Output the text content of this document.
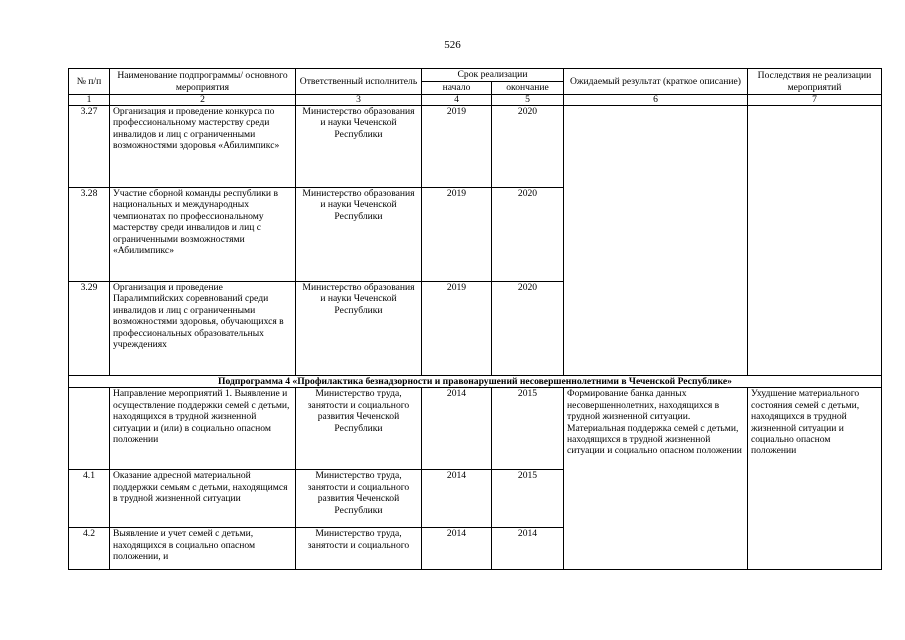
526
№ п/п	Наименование подпрограммы/ основного мероприятия	Ответственный исполнитель	Срок реализации		Ожидаемый результат (краткое описание)	Последствия не реализации мероприятий
			начало	окончание		
1	2	3	4	5	6	7
3.27	Организация и проведение конкурса по профессиональному мастерству среди инвалидов и лиц с ограниченными возможностями здоровья «Абилимпикс»	Министерство образования и науки Чеченской Республики	2019	2020		
3.28	Участие сборной команды республики в национальных и международных чемпионатах по профессиональному мастерству среди инвалидов и лиц с ограниченными возможностями «Абилимпикс»	Министерство образования и науки Чеченской Республики	2019	2020		
3.29	Организация и проведение Паралимпийских соревнований среди инвалидов и лиц с ограниченными возможностями здоровья, обучающихся в профессиональных образовательных учреждениях	Министерство образования и науки Чеченской Республики	2019	2020		
Подпрограмма 4 «Профилактика безнадзорности и правонарушений несовершеннолетними в Чеченской Республике»						
	Направление мероприятий 1. Выявление и осуществление поддержки семей с детьми, находящихся в трудной жизненной ситуации и (или) в социально опасном положении	Министерство труда, занятости и социального развития Чеченской Республики	2014	2015	Формирование банка данных несовершеннолетних, находящихся в трудной жизненной ситуации. Материальная поддержка семей с детьми, находящихся в трудной жизненной ситуации и социально опасном положении	Ухудшение материального состояния семей с детьми, находящихся в трудной жизненной ситуации и социально опасном положении
4.1	Оказание адресной материальной поддержки семьям с детьми, находящимся в трудной жизненной ситуации	Министерство труда, занятости и социального развития Чеченской Республики	2014	2015		
4.2	Выявление и учет семей с детьми, находящихся в социально опасном положении, и	Министерство труда, занятости и социального	2014	2014		
